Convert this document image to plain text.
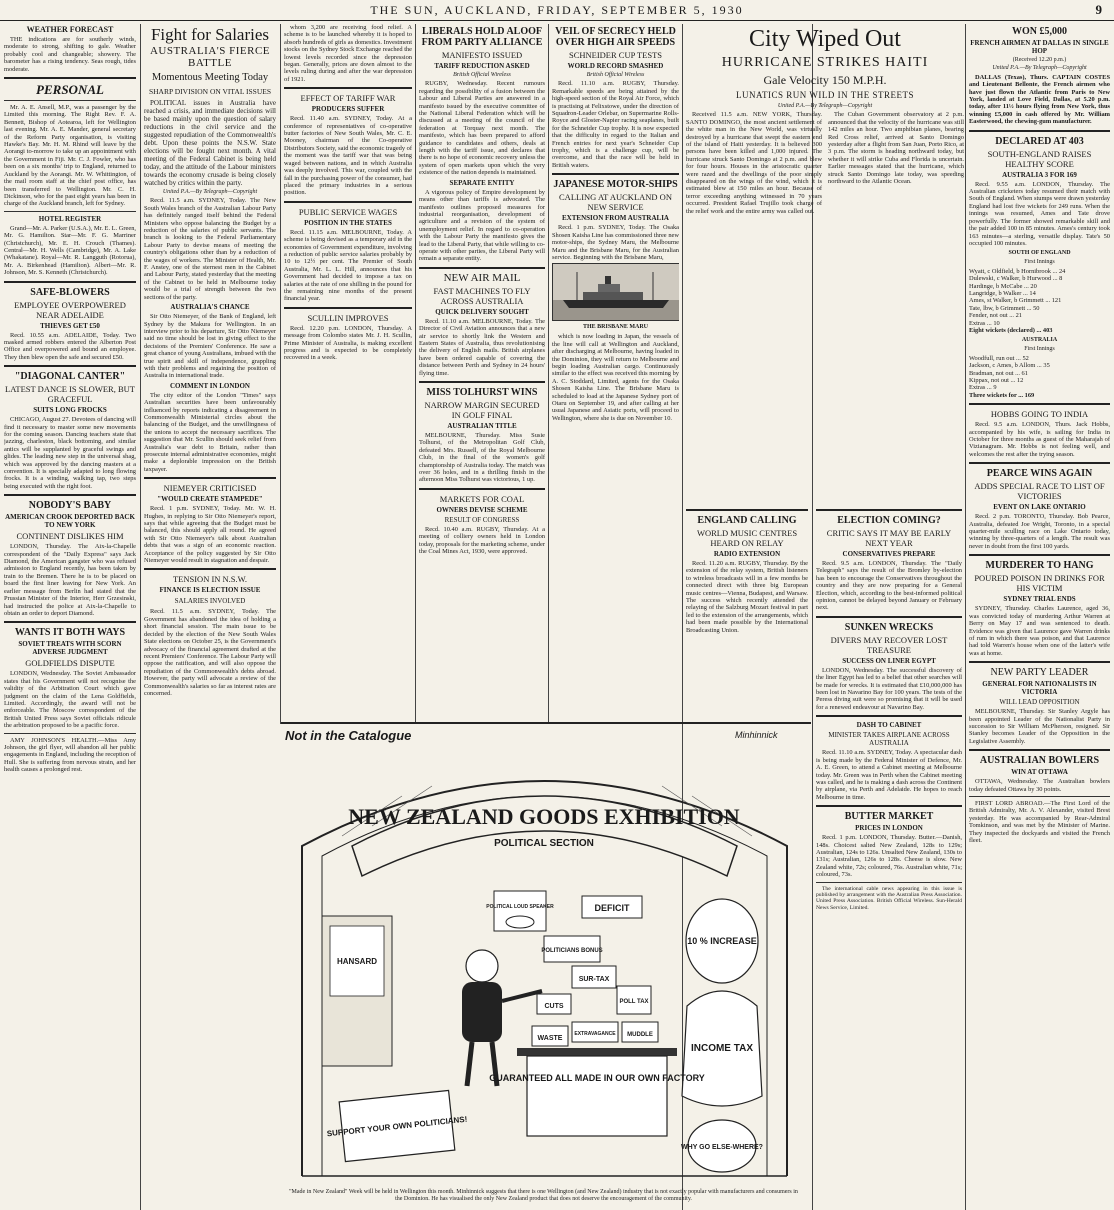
THE SUN, AUCKLAND, FRIDAY, SEPTEMBER 5, 1930	9
WEATHER FORECAST

THE indications are for southerly winds, moderate to strong, shifting to gale. Weather probably cool and changeable; showery. The barometer has a rising tendency. Seas rough, tides moderate.

PERSONAL

Mr. A. E. Ansell, M.P., was a passenger by the Limited this morning. The Right Rev. F. A. Bennett, Bishop of Aotearoa, left for Wellington last evening. Mr. A. E. Mander, general secretary of the Reform Party organisation, is visiting Hawke's Bay. Mr. H. M. Rhind will leave by the Aorangi to-morrow to take up an appointment with the Government in Fiji. Mr. C. J. Fowler, who has been on a six months' trip to England, returned to Auckland by the Aorangi. Mr. W. Whittington, of the mail room staff at the chief post office, has been transferred to Wellington. Mr. C. H. Dickinson, who for the past eight years has been in charge of the Auckland branch, left for Sydney.

HOTEL REGISTER

Grand—Mr. A. Parker (U.S.A.), Mr. E. L. Green, Mr. G. Hamilton. Star—Mr. F. G. Marriner (Christchurch), Mr. E. H. Crouch (Thames). Central—Mr. H. Wells (Cambridge), Mr. A. Lake (Whakatane). Royal—Mr. R. Langguth (Rotorua), Mr. A. Birkenhead (Hamilton). Albert—Mr. R. Johnson, Mr. S. Kenneth (Christchurch).

SAFE-BLOWERS
EMPLOYEE OVERPOWERED NEAR ADELAIDE
THIEVES GET £50

Recd. 10.55 a.m. ADELAIDE, Today. Two masked armed robbers entered the Alberton Post Office and overpowered and bound an employee. They then blew open the safe and secured £50.

"DIAGONAL CANTER"
LATEST DANCE IS SLOWER, BUT GRACEFUL
SUITS LONG FROCKS

CHICAGO, August 27. Devotees of dancing will find it necessary to master some new movements for the coming season. Dancing teachers state that jazzing, charleston, black bottoming, and similar antics will be supplanted by graceful swings and glides. The leading new step in the universal shag, which was approved by the dancing masters at a convention. It is specially adapted to long flowing frocks. It is a winding, walking tap, two steps being executed with the right foot.

NOBODY'S BABY
AMERICAN CROOK DEPORTED BACK TO NEW YORK
CONTINENT DISLIKES HIM

LONDON, Thursday. The Aix-la-Chapelle correspondent of the "Daily Express" says Jack Diamond, the American gangster who was refused admission to England recently, has been taken by train to the Bremen. There he is to be placed on board the first liner leaving for New York. An earlier message from Berlin had stated that the Prussian Minister of the Interior, Herr Grzesinski, had instructed the police at Aix-la-Chapelle to obtain an order to deport Diamond.

WANTS IT BOTH WAYS
SOVIET TREATS WITH SCORN ADVERSE JUDGMENT
GOLDFIELDS DISPUTE

LONDON, Wednesday. The Soviet Ambassador states that his Government will not recognise the validity of the Arbitration Court which gave judgment on the claim of the Lena Goldfields, Limited. Accordingly, the award will not be enforceable. The Moscow correspondent of the British United Press says Soviet officials ridicule the arbitration proposed to be a pacific force.

AMY JOHNSON'S HEALTH.—Miss Amy Johnson, the girl flyer, will abandon all her public engagements in England, including the reception of Hull. She is suffering from nervous strain, and her health causes a prolonged rest.

Fight for Salaries
AUSTRALIA'S FIERCE BATTLE
Momentous Meeting Today
SHARP DIVISION ON VITAL ISSUES

POLITICAL issues in Australia have reached a crisis, and immediate decisions will be based mainly upon the question of salary reductions in the civil service and the suggested repudiation of the Commonwealth's debt. Upon these points the N.S.W. State elections will be fought next month. A vital meeting of the Federal Cabinet is being held today, and the attitude of the Labour ministers towards the economy crusade is being closely watched by critics within the party.

United P.A.—By Telegraph—Copyright

Recd. 11.5 a.m. SYDNEY, Today. The New South Wales branch of the Australian Labour Party has definitely ranged itself behind the Federal Ministers who oppose balancing the Budget by a reduction of the salaries of public servants. The branch is looking to the Federal Parliamentary Labour Party to devise means of meeting the country's obligations other than by a reduction of the wages of workers. The Minister of Health, Mr. F. Anstey, one of the sternest men in the Cabinet and Labour Party, stated yesterday that the meeting of the Cabinet to be held in Melbourne today would be a trial of strength between the two sections of the party.

AUSTRALIA'S CHANCE

Sir Otto Niemeyer, of the Bank of England, left Sydney by the Makura for Wellington. In an interview prior to his departure, Sir Otto Niemeyer said no time should be lost in giving effect to the decisions of the Premiers' Conference. He saw a great chance of young Australians, imbued with the true spirit and skill of independence, grappling with their problems and regaining the position of Australia in international trade.

COMMENT IN LONDON

The city editor of the London "Times" says Australian securities have been unfavourably influenced by reports indicating a disagreement in Commonwealth Ministerial circles about the balancing of the Budget, and the unwillingness of the unions to accept the necessary sacrifices. The suggestion that Mr. Scullin should seek relief from Australia's war debt to Britain, rather than prosecute internal administrative economies, might make a deplorable impression on the British taxpayer.

NIEMEYER CRITICISED
"WOULD CREATE STAMPEDE"

Recd. 1 p.m. SYDNEY, Today. Mr. W. H. Hughes, in replying to Sir Otto Niemeyer's report, says that while agreeing that the Budget must be balanced, this should apply all round. He agreed with Sir Otto Niemeyer's talk about Australian debts that was a sign of an economic reaction. Acceptance of the policy suggested by Sir Otto Niemeyer would result in stagnation and despair.

TENSION IN N.S.W.
FINANCE IS ELECTION ISSUE
SALARIES INVOLVED

Recd. 11.5 a.m. SYDNEY, Today. The Government has abandoned the idea of holding a short financial session. The main issue to be decided by the election of the New South Wales State elections on October 25, is the Government's advocacy of the financial agreement drafted at the recent Premiers' Conference. The Labour Party will oppose the ratification, and will also oppose the repudiation of the Commonwealth's debts abroad. However, the party will advocate a review of the Commonwealth's salaries so far as interest rates are concerned.

whom 3,200 are receiving food relief. A scheme is to be launched whereby it is hoped to absorb hundreds of girls as domestics. Investment stocks on the Sydney Stock Exchange reached the lowest levels recorded since the depression began. Generally, prices are down almost to the levels ruling during and after the war depression of 1921.

EFFECT OF TARIFF WAR
PRODUCERS SUFFER

Recd. 11.40 a.m. SYDNEY, Today. At a conference of representatives of co-operative butter factories of New South Wales, Mr. C. E. Mooney, chairman of the Co-operative Distributors Society, said the economic tragedy of the moment was the tariff war that was being waged between nations, and in which Australia was deeply involved. This war, coupled with the fall in the purchasing power of the consumer, had placed the primary industries in a serious position.

PUBLIC SERVICE WAGES
POSITION IN THE STATES

Recd. 11.15 a.m. MELBOURNE, Today. A scheme is being devised as a temporary aid in the economies of Government expenditure, involving a reduction of public service salaries probably by 10 to 12½ per cent. The Premier of South Australia, Mr. L. L. Hill, announces that his Government had decided to impose a tax on salaries at the rate of one shilling in the pound for the remaining nine months of the present financial year.

SCULLIN IMPROVES

Recd. 12.20 p.m. LONDON, Thursday. A message from Colombo states Mr. J. H. Scullin, Prime Minister of Australia, is making excellent progress and is expected to be completely recovered in a week.

LIBERALS HOLD ALOOF FROM PARTY ALLIANCE
MANIFESTO ISSUED
TARIFF REDUCTION ASKED
British Official Wireless

RUGBY, Wednesday. Recent rumours regarding the possibility of a fusion between the Labour and Liberal Parties are answered in a manifesto issued by the executive committee of the National Liberal Federation which will be discussed at a meeting of the council of the federation at Torquay next month. The manifesto, which has been prepared to afford guidance to candidates and others, deals at length with the tariff issue, and declares that there is no hope of economic recovery unless the system of open markets upon which the very existence of the nation depends is maintained.

SEPARATE ENTITY

A vigorous policy of Empire development by means other than tariffs is advocated. The manifesto outlines proposed measures for industrial reorganisation, development of agriculture and a revision of the system of unemployment relief. In regard to co-operation with the Labour Party the manifesto gives the lead to the Liberal Party, that while willing to co-operate with other parties, the Liberal Party will remain a separate entity.

NEW AIR MAIL
FAST MACHINES TO FLY ACROSS AUSTRALIA
QUICK DELIVERY SOUGHT

Recd. 11.10 a.m. MELBOURNE, Today. The Director of Civil Aviation announces that a new air service to shortly link the Western and Eastern States of Australia, thus revolutionising the delivery of English mails. British airplanes have been ordered capable of covering the distance between Perth and Sydney in 24 hours' flying time.

MISS TOLHURST WINS
NARROW MARGIN SECURED IN GOLF FINAL
AUSTRALIAN TITLE

MELBOURNE, Thursday. Miss Susie Tolhurst, of the Metropolitan Golf Club, defeated Mrs. Russell, of the Royal Melbourne Club, in the final of the women's golf championship of Australia today. The match was over 36 holes, and in a thrilling finish in the afternoon Miss Tolhurst was victorious, 1 up.

MARKETS FOR COAL
OWNERS DEVISE SCHEME
RESULT OF CONGRESS

Recd. 10.40 a.m. RUGBY, Thursday. At a meeting of colliery owners held in London today, proposals for the marketing scheme, under the Coal Mines Act, 1930, were approved.

VEIL OF SECRECY HELD OVER HIGH AIR SPEEDS
SCHNEIDER CUP TESTS
WORLD RECORD SMASHED
British Official Wireless

Recd. 11.10 a.m. RUGBY, Thursday. Remarkable speeds are being attained by the high-speed section of the Royal Air Force, which is practising at Felixstowe, under the direction of Squadron-Leader Orlebar, on Supermarine Rolls-Royce and Gloster-Napier racing seaplanes, built for the Schneider Cup trophy. It is now expected that the difficulty in regard to the Italian and French entries for next year's Schneider Cup trophy, which is a challenge cup, will be overcome, and that the race will be held in British waters.

JAPANESE MOTOR-SHIPS
CALLING AT AUCKLAND ON NEW SERVICE
EXTENSION FROM AUSTRALIA

Recd. 1 p.m. SYDNEY, Today. The Osaka Shosen Kaisha Line has commissioned three new motor-ships, the Sydney Maru, the Melbourne Maru and the Brisbane Maru, for the Australian service. Beginning with the Brisbane Maru,

THE BRISBANE MARU

which is now loading in Japan, the vessels of the line will call at Wellington and Auckland, after discharging at Melbourne, having loaded in the Dominion, they will return to Melbourne and begin loading Australian cargo. Continuously similar to the effect was received this morning by A. C. Stoddard, Limited, agents for the Osaka Shosen Kaisha Line. The Brisbane Maru is scheduled to load at the Japanese Sydney port of Otaru on September 19, and after calling at her usual Japanese and Asiatic ports, will proceed to Wellington, where she is due on November 10.

City Wiped Out
HURRICANE STRIKES HAITI
Gale Velocity 150 M.P.H.
LUNATICS RUN WILD IN THE STREETS
United P.A.—By Telegraph—Copyright

Received 11.5 a.m. NEW YORK, Thursday. SANTO DOMINGO, the most ancient settlement of the white man in the New World, was virtually destroyed by a hurricane that swept the eastern end of the island of Haiti yesterday. It is believed 300 persons have been killed and 1,000 injured. The hurricane struck Santo Domingo at 2 p.m. and blew for four hours. Houses in the aristocratic quarter were razed and the dwellings of the poor simply disappeared on the wings of the wind, which it is estimated blew at 150 miles an hour. Because of terror exceeding anything witnessed in 70 years occurred. President Rafael Trujillo took charge of the relief work and the entire army was called out.

The Cuban Government observatory at 2 p.m. announced that the velocity of the hurricane was still 142 miles an hour. Two amphibian planes, bearing Red Cross relief, arrived at Santo Domingo yesterday after a flight from San Juan, Porto Rico, at 3 p.m. The storm is heading northward today, but whether it will strike Cuba and Florida is uncertain. Earlier messages stated that the hurricane, which struck Santo Domingo late today, was speeding northward to the Atlantic Ocean.

ENGLAND CALLING
WORLD MUSIC CENTRES HEARD ON RELAY
RADIO EXTENSION

Recd. 11.20 a.m. RUGBY, Thursday. By the extension of the relay system, British listeners to wireless broadcasts will in a few months be connected direct with three big European music centres—Vienna, Budapest, and Warsaw. The success which recently attended the relaying of the Salzburg Mozart festival in part led to the extension of the arrangements, which had been made possible by the International Broadcasting Union.

ELECTION COMING?
CRITIC SAYS IT MAY BE EARLY NEXT YEAR
CONSERVATIVES PREPARE

Recd. 9.5 a.m. LONDON, Thursday. The "Daily Telegraph" says the result of the Bromley by-election has been to encourage the Conservatives throughout the country and they are now preparing for a General Election, which, according to the best-informed political opinion, cannot be delayed beyond January or February next.

SUNKEN WRECKS
DIVERS MAY RECOVER LOST TREASURE
SUCCESS ON LINER EGYPT

LONDON, Wednesday. The successful discovery of the liner Egypt has led to a belief that other searches will be made for wrecks. It is estimated that £10,000,000 has been lost in Navarino Bay for 100 years. The tests of the Peress diving suit were so promising that it will be used for a renewed endeavour at Navarino Bay.

DASH TO CABINET
MINISTER TAKES AIRPLANE ACROSS AUSTRALIA

Recd. 11.10 a.m. SYDNEY, Today. A spectacular dash is being made by the Federal Minister of Defence, Mr. A. E. Green, to attend a Cabinet meeting at Melbourne today. Mr. Green was in Perth when the Cabinet meeting was called, and he is making a dash across the Continent by airplane, via Perth and Adelaide. He hopes to reach Melbourne in time.

BUTTER MARKET
PRICES IN LONDON

Recd. 1 p.m. LONDON, Thursday. Butter.—Danish, 148s. Choicest salted New Zealand, 128s to 129s; Australian, 124s to 126s. Unsalted New Zealand, 130s to 131s; Australian, 126s to 128s. Cheese is slow. New Zealand white, 72s; coloured, 76s. Australian white, 71s; coloured, 73s.

The international cable news appearing in this issue is published by arrangement with the Australian Press Association. United Press Association. British Official Wireless. Sun-Herald News Service, Limited.

WON £5,000
FRENCH AIRMEN AT DALLAS IN SINGLE HOP
(Received 12.20 p.m.)
United P.A.—By Telegraph—Copyright

DALLAS (Texas), Thurs. CAPTAIN COSTES and Lieutenant Bellonte, the French airmen who have just flown the Atlantic from Paris to New York, landed at Love Field, Dallas, at 5.20 p.m. today, after 11½ hours flying from New York, thus winning £5,000 in cash offered by Mr. William Easterwood, the chewing-gum manufacturer.

DECLARED AT 403
SOUTH-ENGLAND RAISES HEALTHY SCORE
AUSTRALIA 3 FOR 169

Recd. 9.55 a.m. LONDON, Thursday. The Australian cricketers today resumed their match with South of England. When stumps were drawn yesterday England had lost five wickets for 249 runs. When the innings was resumed, Ames and Tate drove powerfully. The former showed remarkable skill and the pair added 100 in 85 minutes. Ames's century took 163 minutes—a sterling, versatile display. Tate's 50 occupied 100 minutes.

SOUTH OF ENGLAND
First Innings
Wyatt, c Oldfield, b Hornibrook ... 24
Dulewski, c Walker, b Hurwood ... 8
Hardinge, b McCabe ... 20
Langridge, b Walker ... 14
Ames, st Walker, b Grimmett ... 121
Tate, lbw, b Grimmett ... 50
Fender, not out ... 21
Extras ... 10
Eight wickets (declared) ... 403
AUSTRALIA
First Innings
Woodfull, run out ... 52
Jackson, c Ames, b Allom ... 35
Bradman, not out ... 61
Kippax, not out ... 12
Extras ... 9
Three wickets for ... 169
HOBBS GOING TO INDIA

Recd. 9.5 a.m. LONDON, Thurs. Jack Hobbs, accompanied by his wife, is sailing for India in October for three months as guest of the Maharajah of Vizianagram. Mr. Hobbs is not feeling well, and welcomes the rest after the trying season.

PEARCE WINS AGAIN
ADDS SPECIAL RACE TO LIST OF VICTORIES
EVENT ON LAKE ONTARIO

Recd. 2 p.m. TORONTO, Thursday. Bob Pearce, Australia, defeated Joe Wright, Toronto, in a special quarter-mile sculling race on Lake Ontario today, winning by three-quarters of a length. The result was never in doubt from the first 100 yards.

MURDERER TO HANG
POURED POISON IN DRINKS FOR HIS VICTIM
SYDNEY TRIAL ENDS

SYDNEY, Thursday. Charles Laurence, aged 36, was convicted today of murdering Arthur Warren at Berry on May 17 and was sentenced to death. Evidence was given that Laurence gave Warren drinks of rum in which there was poison, and that Laurence had told Warren's house when one of the latter's wife was at home.

NEW PARTY LEADER
GENERAL FOR NATIONALISTS IN VICTORIA
WILL LEAD OPPOSITION

MELBOURNE, Thursday. Sir Stanley Argyle has been appointed Leader of the Nationalist Party in succession to Sir William McPherson, resigned. Sir Stanley becomes Leader of the Opposition in the Legislative Assembly.

AUSTRALIAN BOWLERS
WIN AT OTTAWA

OTTAWA, Wednesday. The Australian bowlers today defeated Ottawa by 30 points.

FIRST LORD ABROAD.—The First Lord of the British Admiralty, Mr. A. V. Alexander, visited Brest yesterday. He was accompanied by Rear-Admiral Tomkinson, and was met by the Minister of Marine. They inspected the dockyards and visited the French fleet.

Not in the Catalogue	Minhinnick
NEW ZEALAND GOODS EXHIBITION
POLITICAL SECTION
HANSARD
POLITICAL LOUD SPEAKER	DEFICIT
10 % INCREASE
INCOME TAX
WHY GO ELSE-WHERE?
POLITICIANS BONUS
SUR-TAX
CUTS
POLL TAX
WASTE
EXTRAVAGANCE MUDDLE
GUARANTEED ALL MADE IN OUR OWN FACTORY
SUPPORT YOUR OWN POLITICIANS!
"Made in New Zealand" Week will be held in Wellington this month. Minhinnick suggests that there is one Wellington (and New Zealand) industry that is not exactly popular with manufacturers and consumers in the Dominion. He has visualised the only New Zealand product that does not deserve the encouragement of the community.
